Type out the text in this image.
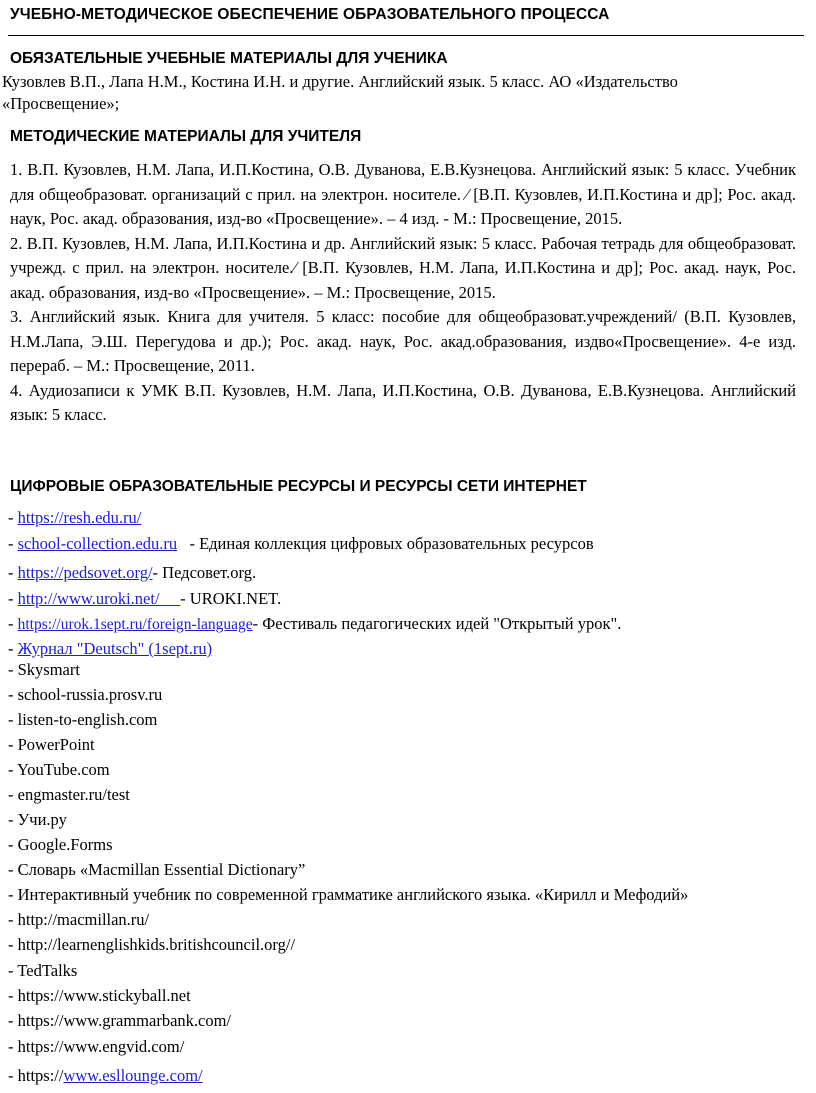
УЧЕБНО-МЕТОДИЧЕСКОЕ ОБЕСПЕЧЕНИЕ ОБРАЗОВАТЕЛЬНОГО ПРОЦЕССА
ОБЯЗАТЕЛЬНЫЕ УЧЕБНЫЕ МАТЕРИАЛЫ ДЛЯ УЧЕНИКА
Кузовлев В.П., Лапа Н.М., Костина И.Н. и другие. Английский язык. 5 класс. АО «Издательство «Просвещение»;
МЕТОДИЧЕСКИЕ МАТЕРИАЛЫ ДЛЯ УЧИТЕЛЯ

1. В.П. Кузовлев, Н.М. Лапа, И.П.Костина, О.В. Дуванова, Е.В.Кузнецова. Английский язык: 5 класс. Учебник для общеобразоват. организаций с прил. на электрон. носителе. ⁄ [В.П. Кузовлев, И.П.Костина и др]; Рос. акад. наук, Рос. акад. образования, изд-во «Просвещение». – 4 изд. - М.: Просвещение, 2015.

2. В.П. Кузовлев, Н.М. Лапа, И.П.Костина и др. Английский язык: 5 класс. Рабочая тетрадь для общеобразоват. учрежд. с прил. на электрон. носителе.⁄ [В.П. Кузовлев, Н.М. Лапа, И.П.Костина и др]; Рос. акад. наук, Рос. акад. образования, изд-во «Просвещение». – М.: Просвещение, 2015.

3. Английский язык. Книга для учителя. 5 класс: пособие для общеобразоват.учреждений/ (В.П. Кузовлев, Н.М.Лапа, Э.Ш. Перегудова и др.); Рос. акад. наук, Рос. акад.образования, издво«Просвещение». 4-е изд. перераб. – М.: Просвещение, 2011.

4. Аудиозаписи к УМК В.П. Кузовлев, Н.М. Лапа, И.П.Костина, О.В. Дуванова, Е.В.Кузнецова. Английский язык: 5 класс.

ЦИФРОВЫЕ ОБРАЗОВАТЕЛЬНЫЕ РЕСУРСЫ И РЕСУРСЫ СЕТИ ИНТЕРНЕТ
- https://resh.edu.ru/
- school-collection.edu.ru   - Единая коллекция цифровых образовательных ресурсов
- https://pedsovet.org/- Педсовет.org.
- http://www.uroki.net/     - UROKI.NET.
- https://urok.1sept.ru/foreign-language- Фестиваль педагогических идей "Открытый урок".
- Журнал "Deutsch" (1sept.ru)
- Skysmart
- school-russia.prosv.ru
- listen-to-english.com
- PowerPoint
- YouTube.com
- engmaster.ru/test
- Учи.ру
- Google.Forms
- Словарь «Macmillan Essential Dictionary”
- Интерактивный учебник по современной грамматике английского языка. «Кирилл и Мефодий»
- http://macmillan.ru/
- http://learnenglishkids.britishcouncil.org//
- TedTalks
- https://www.stickyball.net
- https://www.grammarbank.com/
- https://www.engvid.com/
- https://www.esllounge.com/
